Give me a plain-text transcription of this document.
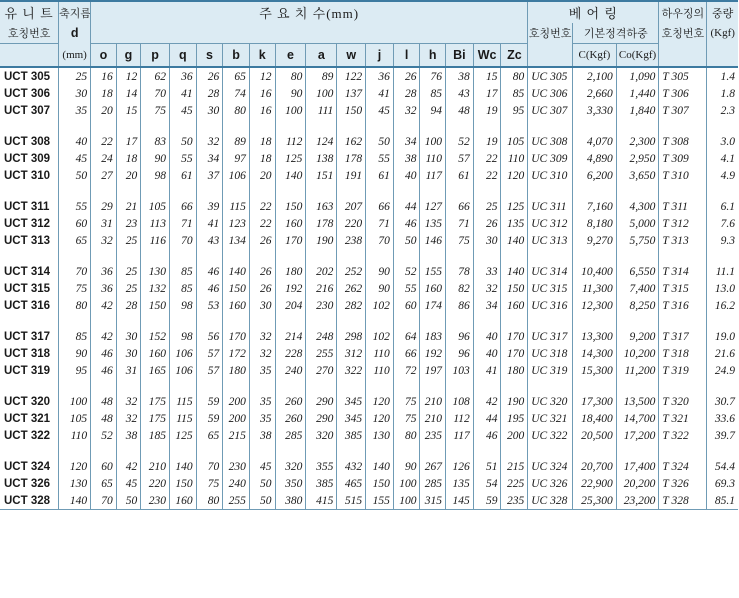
유 니 트	축지름	주 요 치 수(mm)																베 어 링			하우징의	중량
호칭번호	d																	호칭번호	기본정격하중		호칭번호	(Kgf)
	(mm)	o	g	p	q	s	b	k	e	a	w	j	l	h	Bi	Wc	Zc		C(Kgf)	Co(Kgf)		
UCT 305	25	16	12	62	36	26	65	12	80	89	122	36	26	76	38	15	80	UC 305	2,100	1,090	T 305	1.4
UCT 306	30	18	14	70	41	28	74	16	90	100	137	41	28	85	43	17	85	UC 306	2,660	1,440	T 306	1.8
UCT 307	35	20	15	75	45	30	80	16	100	111	150	45	32	94	48	19	95	UC 307	3,330	1,840	T 307	2.3

UCT 308	40	22	17	83	50	32	89	18	112	124	162	50	34	100	52	19	105	UC 308	4,070	2,300	T 308	3.0
UCT 309	45	24	18	90	55	34	97	18	125	138	178	55	38	110	57	22	110	UC 309	4,890	2,950	T 309	4.1
UCT 310	50	27	20	98	61	37	106	20	140	151	191	61	40	117	61	22	120	UC 310	6,200	3,650	T 310	4.9

UCT 311	55	29	21	105	66	39	115	22	150	163	207	66	44	127	66	25	125	UC 311	7,160	4,300	T 311	6.1
UCT 312	60	31	23	113	71	41	123	22	160	178	220	71	46	135	71	26	135	UC 312	8,180	5,000	T 312	7.6
UCT 313	65	32	25	116	70	43	134	26	170	190	238	70	50	146	75	30	140	UC 313	9,270	5,750	T 313	9.3

UCT 314	70	36	25	130	85	46	140	26	180	202	252	90	52	155	78	33	140	UC 314	10,400	6,550	T 314	11.1
UCT 315	75	36	25	132	85	46	150	26	192	216	262	90	55	160	82	32	150	UC 315	11,300	7,400	T 315	13.0
UCT 316	80	42	28	150	98	53	160	30	204	230	282	102	60	174	86	34	160	UC 316	12,300	8,250	T 316	16.2

UCT 317	85	42	30	152	98	56	170	32	214	248	298	102	64	183	96	40	170	UC 317	13,300	9,200	T 317	19.0
UCT 318	90	46	30	160	106	57	172	32	228	255	312	110	66	192	96	40	170	UC 318	14,300	10,200	T 318	21.6
UCT 319	95	46	31	165	106	57	180	35	240	270	322	110	72	197	103	41	180	UC 319	15,300	11,200	T 319	24.9

UCT 320	100	48	32	175	115	59	200	35	260	290	345	120	75	210	108	42	190	UC 320	17,300	13,500	T 320	30.7
UCT 321	105	48	32	175	115	59	200	35	260	290	345	120	75	210	112	44	195	UC 321	18,400	14,700	T 321	33.6
UCT 322	110	52	38	185	125	65	215	38	285	320	385	130	80	235	117	46	200	UC 322	20,500	17,200	T 322	39.7

UCT 324	120	60	42	210	140	70	230	45	320	355	432	140	90	267	126	51	215	UC 324	20,700	17,400	T 324	54.4
UCT 326	130	65	45	220	150	75	240	50	350	385	465	150	100	285	135	54	225	UC 326	22,900	20,200	T 326	69.3
UCT 328	140	70	50	230	160	80	255	50	380	415	515	155	100	315	145	59	235	UC 328	25,300	23,200	T 328	85.1
